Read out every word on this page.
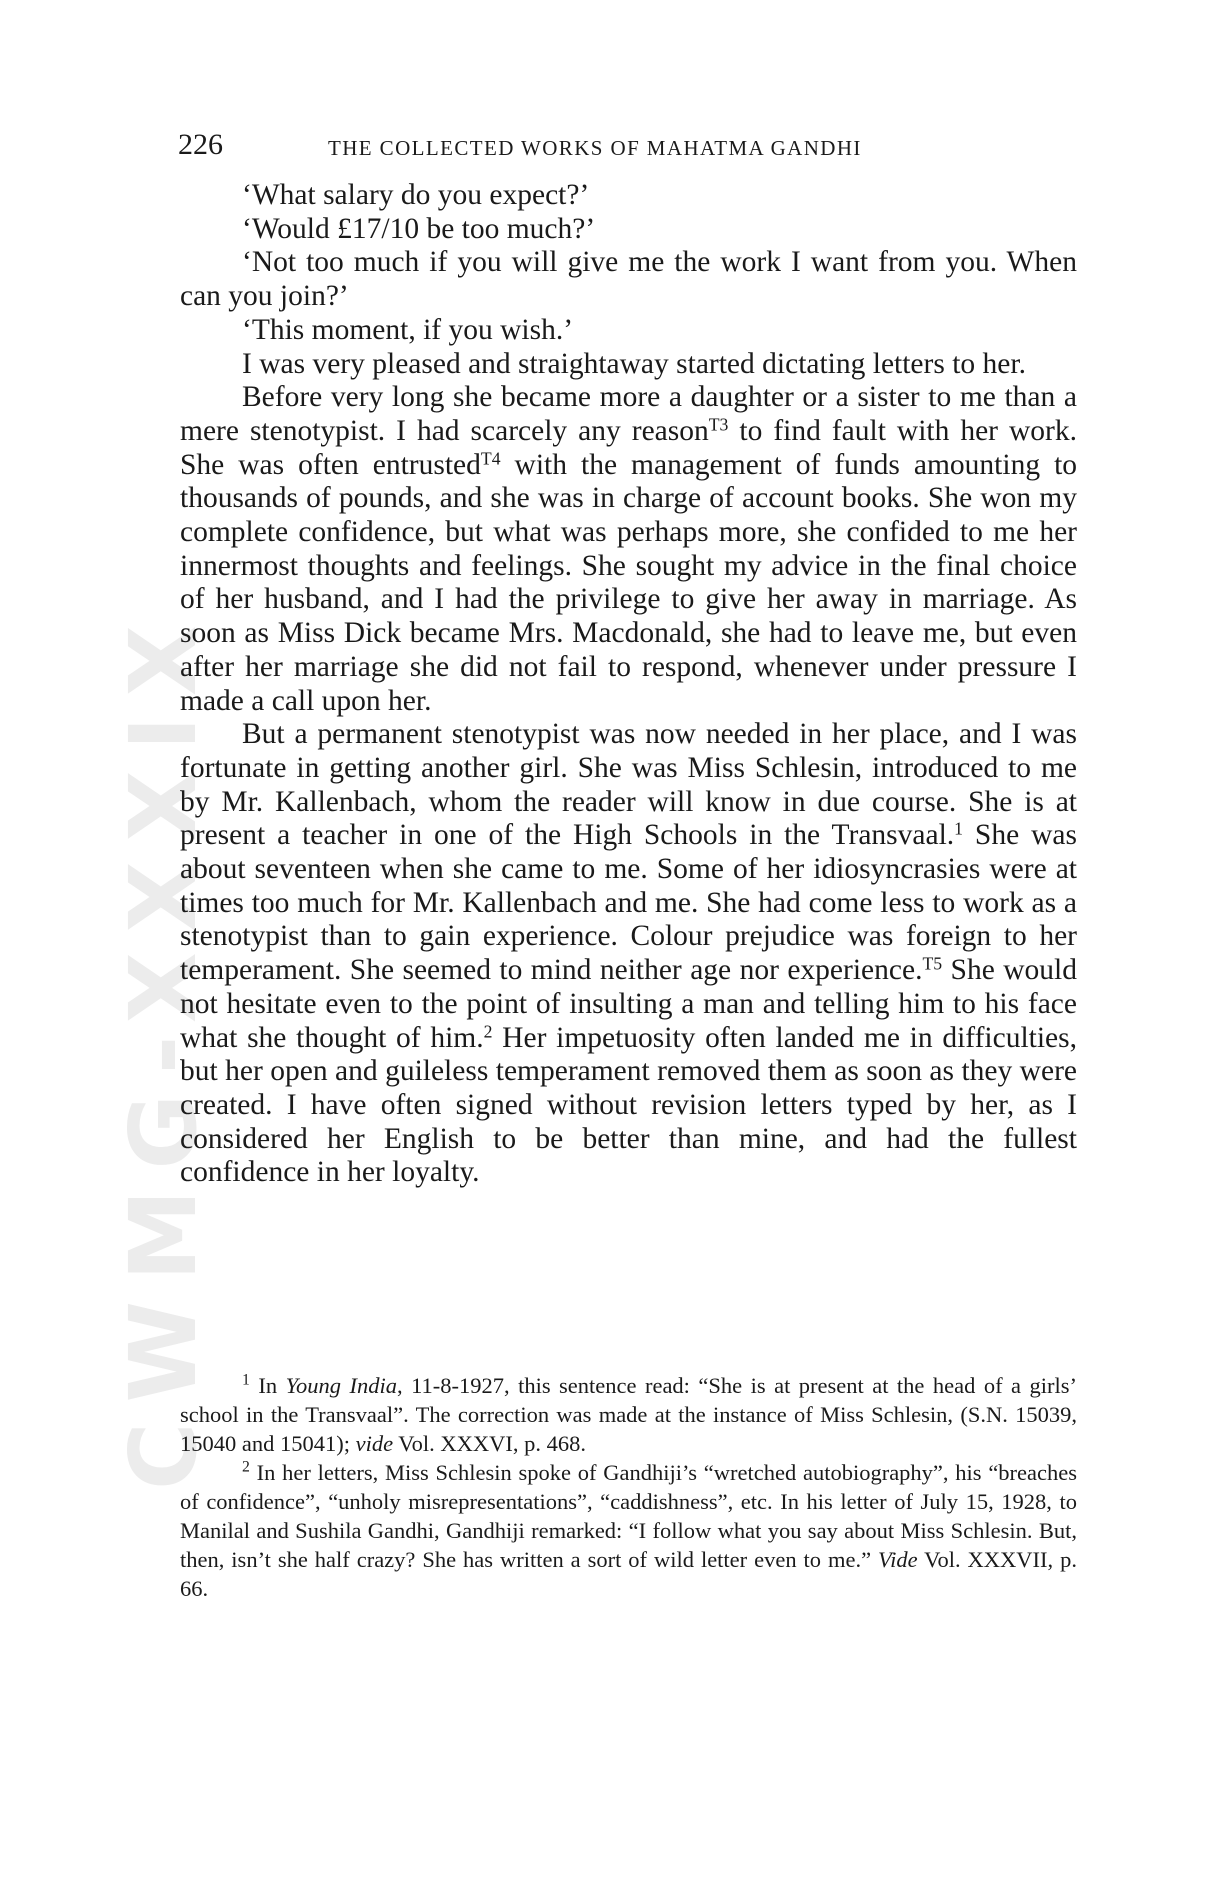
CWMG-XXXIX
226	THE COLLECTED WORKS OF MAHATMA GANDHI

‘What salary do you expect?’

‘Would £17/10 be too much?’

‘Not too much if you will give me the work I want from you. When can you join?’

‘This moment, if you wish.’

I was very pleased and straightaway started dictating letters to her.

Before very long she became more a daughter or a sister to me than a mere stenotypist. I had scarcely any reason$^{T3}$ to find fault with her work. She was often entrusted$^{T4}$ with the management of funds amounting to thousands of pounds, and she was in charge of account books. She won my complete confidence, but what was perhaps more, she confided to me her innermost thoughts and feelings. She sought my advice in the final choice of her husband, and I had the privilege to give her away in marriage. As soon as Miss Dick became Mrs. Macdonald, she had to leave me, but even after her marriage she did not fail to respond, whenever under pressure I made a call upon her.

But a permanent stenotypist was now needed in her place, and I was fortunate in getting another girl. She was Miss Schlesin, introduced to me by Mr. Kallenbach, whom the reader will know in due course. She is at present a teacher in one of the High Schools in the Transvaal.$^1$ She was about seventeen when she came to me. Some of her idiosyncrasies were at times too much for Mr. Kallenbach and me. She had come less to work as a stenotypist than to gain experience. Colour prejudice was foreign to her temperament. She seemed to mind neither age nor experience.$^{T5}$ She would not hesitate even to the point of insulting a man and telling him to his face what she thought of him.$^2$ Her impetuosity often landed me in difficulties, but her open and guileless temperament removed them as soon as they were created. I have often signed without revision letters typed by her, as I considered her English to be better than mine, and had the fullest confidence in her loyalty.

$^1$ In Young India, 11-8-1927, this sentence read: “She is at present at the head of a girls’ school in the Transvaal”. The correction was made at the instance of Miss Schlesin, (S.N. 15039, 15040 and 15041); vide Vol. XXXVI, p. 468.

$^2$ In her letters, Miss Schlesin spoke of Gandhiji’s “wretched autobiography”, his “breaches of confidence”, “unholy misrepresentations”, “caddishness”, etc. In his letter of July 15, 1928, to Manilal and Sushila Gandhi, Gandhiji remarked: “I follow what you say about Miss Schlesin. But, then, isn’t she half crazy? She has written a sort of wild letter even to me.” Vide Vol. XXXVII, p. 66.
